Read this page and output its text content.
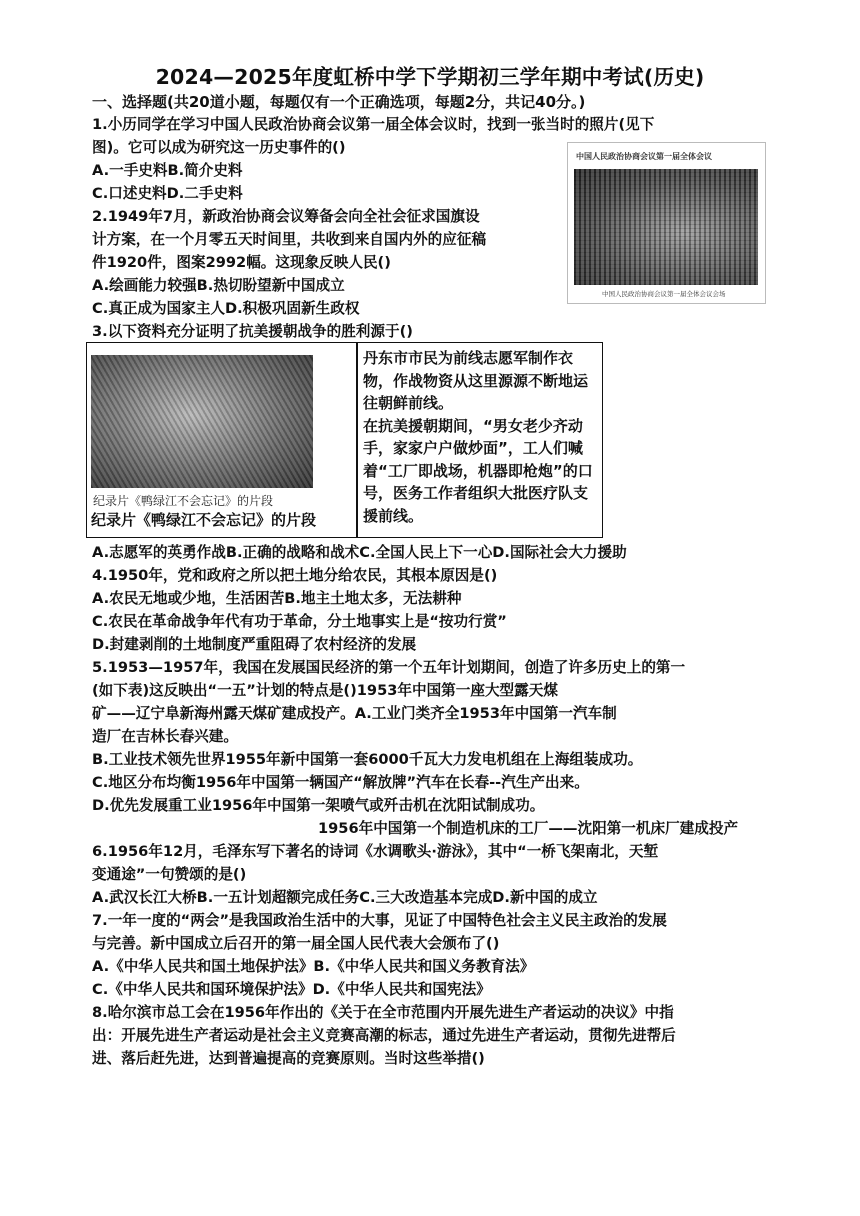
2024—2025年度虹桥中学下学期初三学年期中考试(历史)
一、选择题(共20道小题，每题仅有一个正确选项，每题2分，共记40分。)
1.小历同学在学习中国人民政治协商会议第一届全体会议时，找到一张当时的照片(见下
图)。它可以成为研究这一历史事件的()
A.一手史料B.简介史料
C.口述史料D.二手史料
中国人民政治协商会议第一届全体会议
中国人民政治协商会议第一届全体会议会场
2.1949年7月，新政治协商会议筹备会向全社会征求国旗设
计方案，在一个月零五天时间里，共收到来自国内外的应征稿
件1920件，图案2992幅。这现象反映人民()
A.绘画能力较强B.热切盼望新中国成立
C.真正成为国家主人D.积极巩固新生政权
3.以下资料充分证明了抗美援朝战争的胜利源于()
纪录片《鸭绿江不会忘记》的片段
纪录片《鸭绿江不会忘记》的片段

丹东市市民为前线志愿军制作衣物，作战物资从这里源源不断地运往朝鲜前线。

在抗美援朝期间，“男女老少齐动手，家家户户做炒面”，工人们喊着“工厂即战场，机器即枪炮”的口号，医务工作者组织大批医疗队支援前线。

A.志愿军的英勇作战B.正确的战略和战术C.全国人民上下一心D.国际社会大力援助
4.1950年，党和政府之所以把土地分给农民，其根本原因是()
A.农民无地或少地，生活困苦B.地主土地太多，无法耕种
C.农民在革命战争年代有功于革命，分土地事实上是“按功行赏”
D.封建剥削的土地制度严重阻碍了农村经济的发展
5.1953—1957年，我国在发展国民经济的第一个五年计划期间，创造了许多历史上的第一
(如下表)这反映出“一五”计划的特点是()1953年中国第一座大型露天煤
矿——辽宁阜新海州露天煤矿建成投产。A.工业门类齐全1953年中国第一汽车制
造厂在吉林长春兴建。
B.工业技术领先世界1955年新中国第一套6000千瓦大力发电机组在上海组装成功。
C.地区分布均衡1956年中国第一辆国产“解放牌”汽车在长春--汽生产出来。
D.优先发展重工业1956年中国第一架喷气或歼击机在沈阳试制成功。
1956年中国第一个制造机床的工厂——沈阳第一机床厂建成投产
6.1956年12月，毛泽东写下著名的诗词《水调歌头·游泳》，其中“一桥飞架南北，天堑
变通途”一句赞颂的是()
A.武汉长江大桥B.一五计划超额完成任务C.三大改造基本完成D.新中国的成立
7.一年一度的“两会”是我国政治生活中的大事，见证了中国特色社会主义民主政治的发展
与完善。新中国成立后召开的第一届全国人民代表大会颁布了()
A.《中华人民共和国土地保护法》B.《中华人民共和国义务教育法》
C.《中华人民共和国环境保护法》D.《中华人民共和国宪法》
8.哈尔滨市总工会在1956年作出的《关于在全市范围内开展先进生产者运动的决议》中指
出：开展先进生产者运动是社会主义竞赛高潮的标志，通过先进生产者运动，贯彻先进帮后
进、落后赶先进，达到普遍提高的竞赛原则。当时这些举措()
